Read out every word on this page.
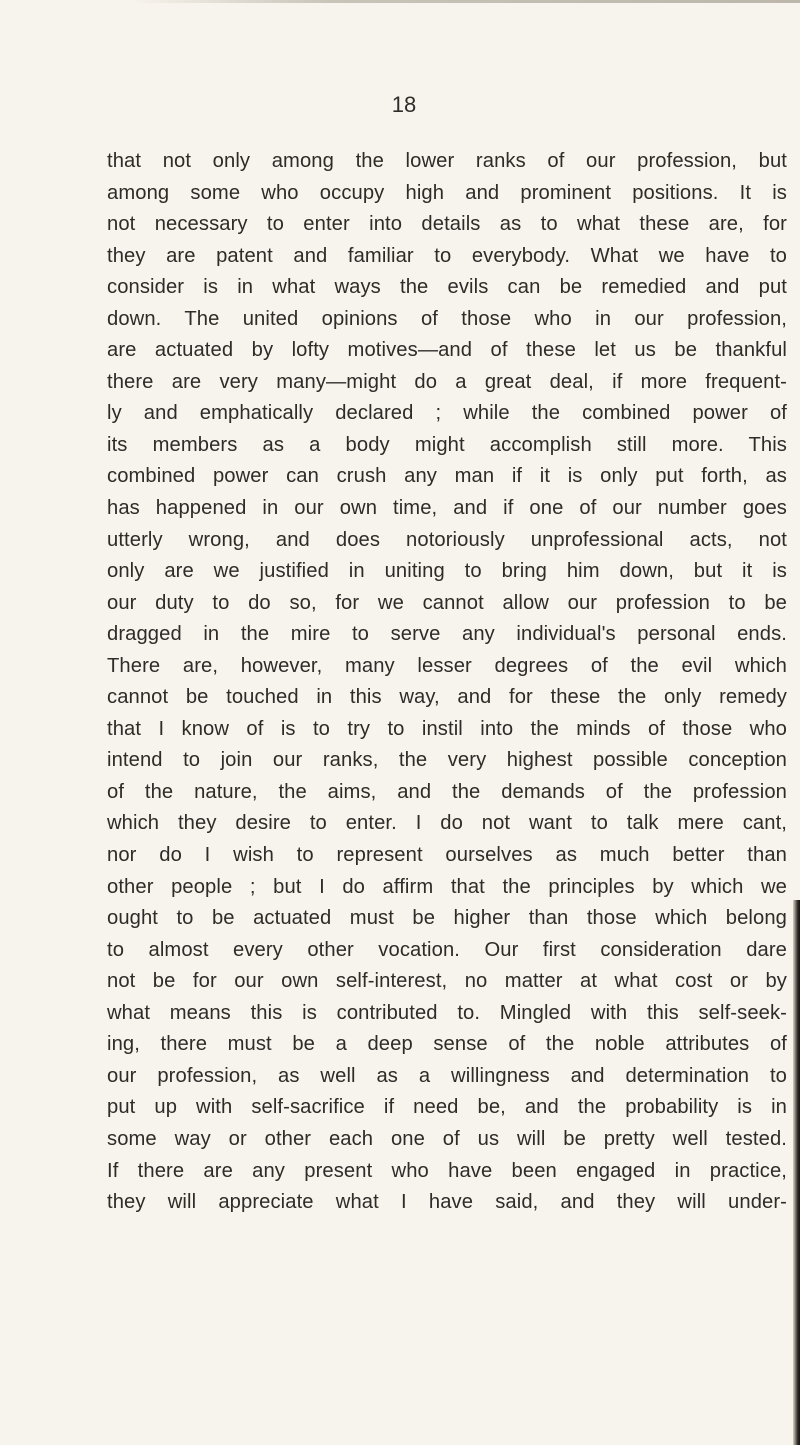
18
that not only among the lower ranks of our profession, but
among some who occupy high and prominent positions. It is
not necessary to enter into details as to what these are, for
they are patent and familiar to everybody. What we have to
consider is in what ways the evils can be remedied and put
down. The united opinions of those who in our profession,
are actuated by lofty motives—and of these let us be thankful
there are very many—might do a great deal, if more frequent-
ly and emphatically declared ; while the combined power of
its members as a body might accomplish still more. This
combined power can crush any man if it is only put forth, as
has happened in our own time, and if one of our number goes
utterly wrong, and does notoriously unprofessional acts, not
only are we justified in uniting to bring him down, but it is
our duty to do so, for we cannot allow our profession to be
dragged in the mire to serve any individual's personal ends.
There are, however, many lesser degrees of the evil which
cannot be touched in this way, and for these the only remedy
that I know of is to try to instil into the minds of those who
intend to join our ranks, the very highest possible conception
of the nature, the aims, and the demands of the profession
which they desire to enter. I do not want to talk mere cant,
nor do I wish to represent ourselves as much better than
other people ; but I do affirm that the principles by which we
ought to be actuated must be higher than those which belong
to almost every other vocation. Our first consideration dare
not be for our own self-interest, no matter at what cost or by
what means this is contributed to. Mingled with this self-seek-
ing, there must be a deep sense of the noble attributes of
our profession, as well as a willingness and determination to
put up with self-sacrifice if need be, and the probability is in
some way or other each one of us will be pretty well tested.
If there are any present who have been engaged in practice,
they will appreciate what I have said, and they will under-
